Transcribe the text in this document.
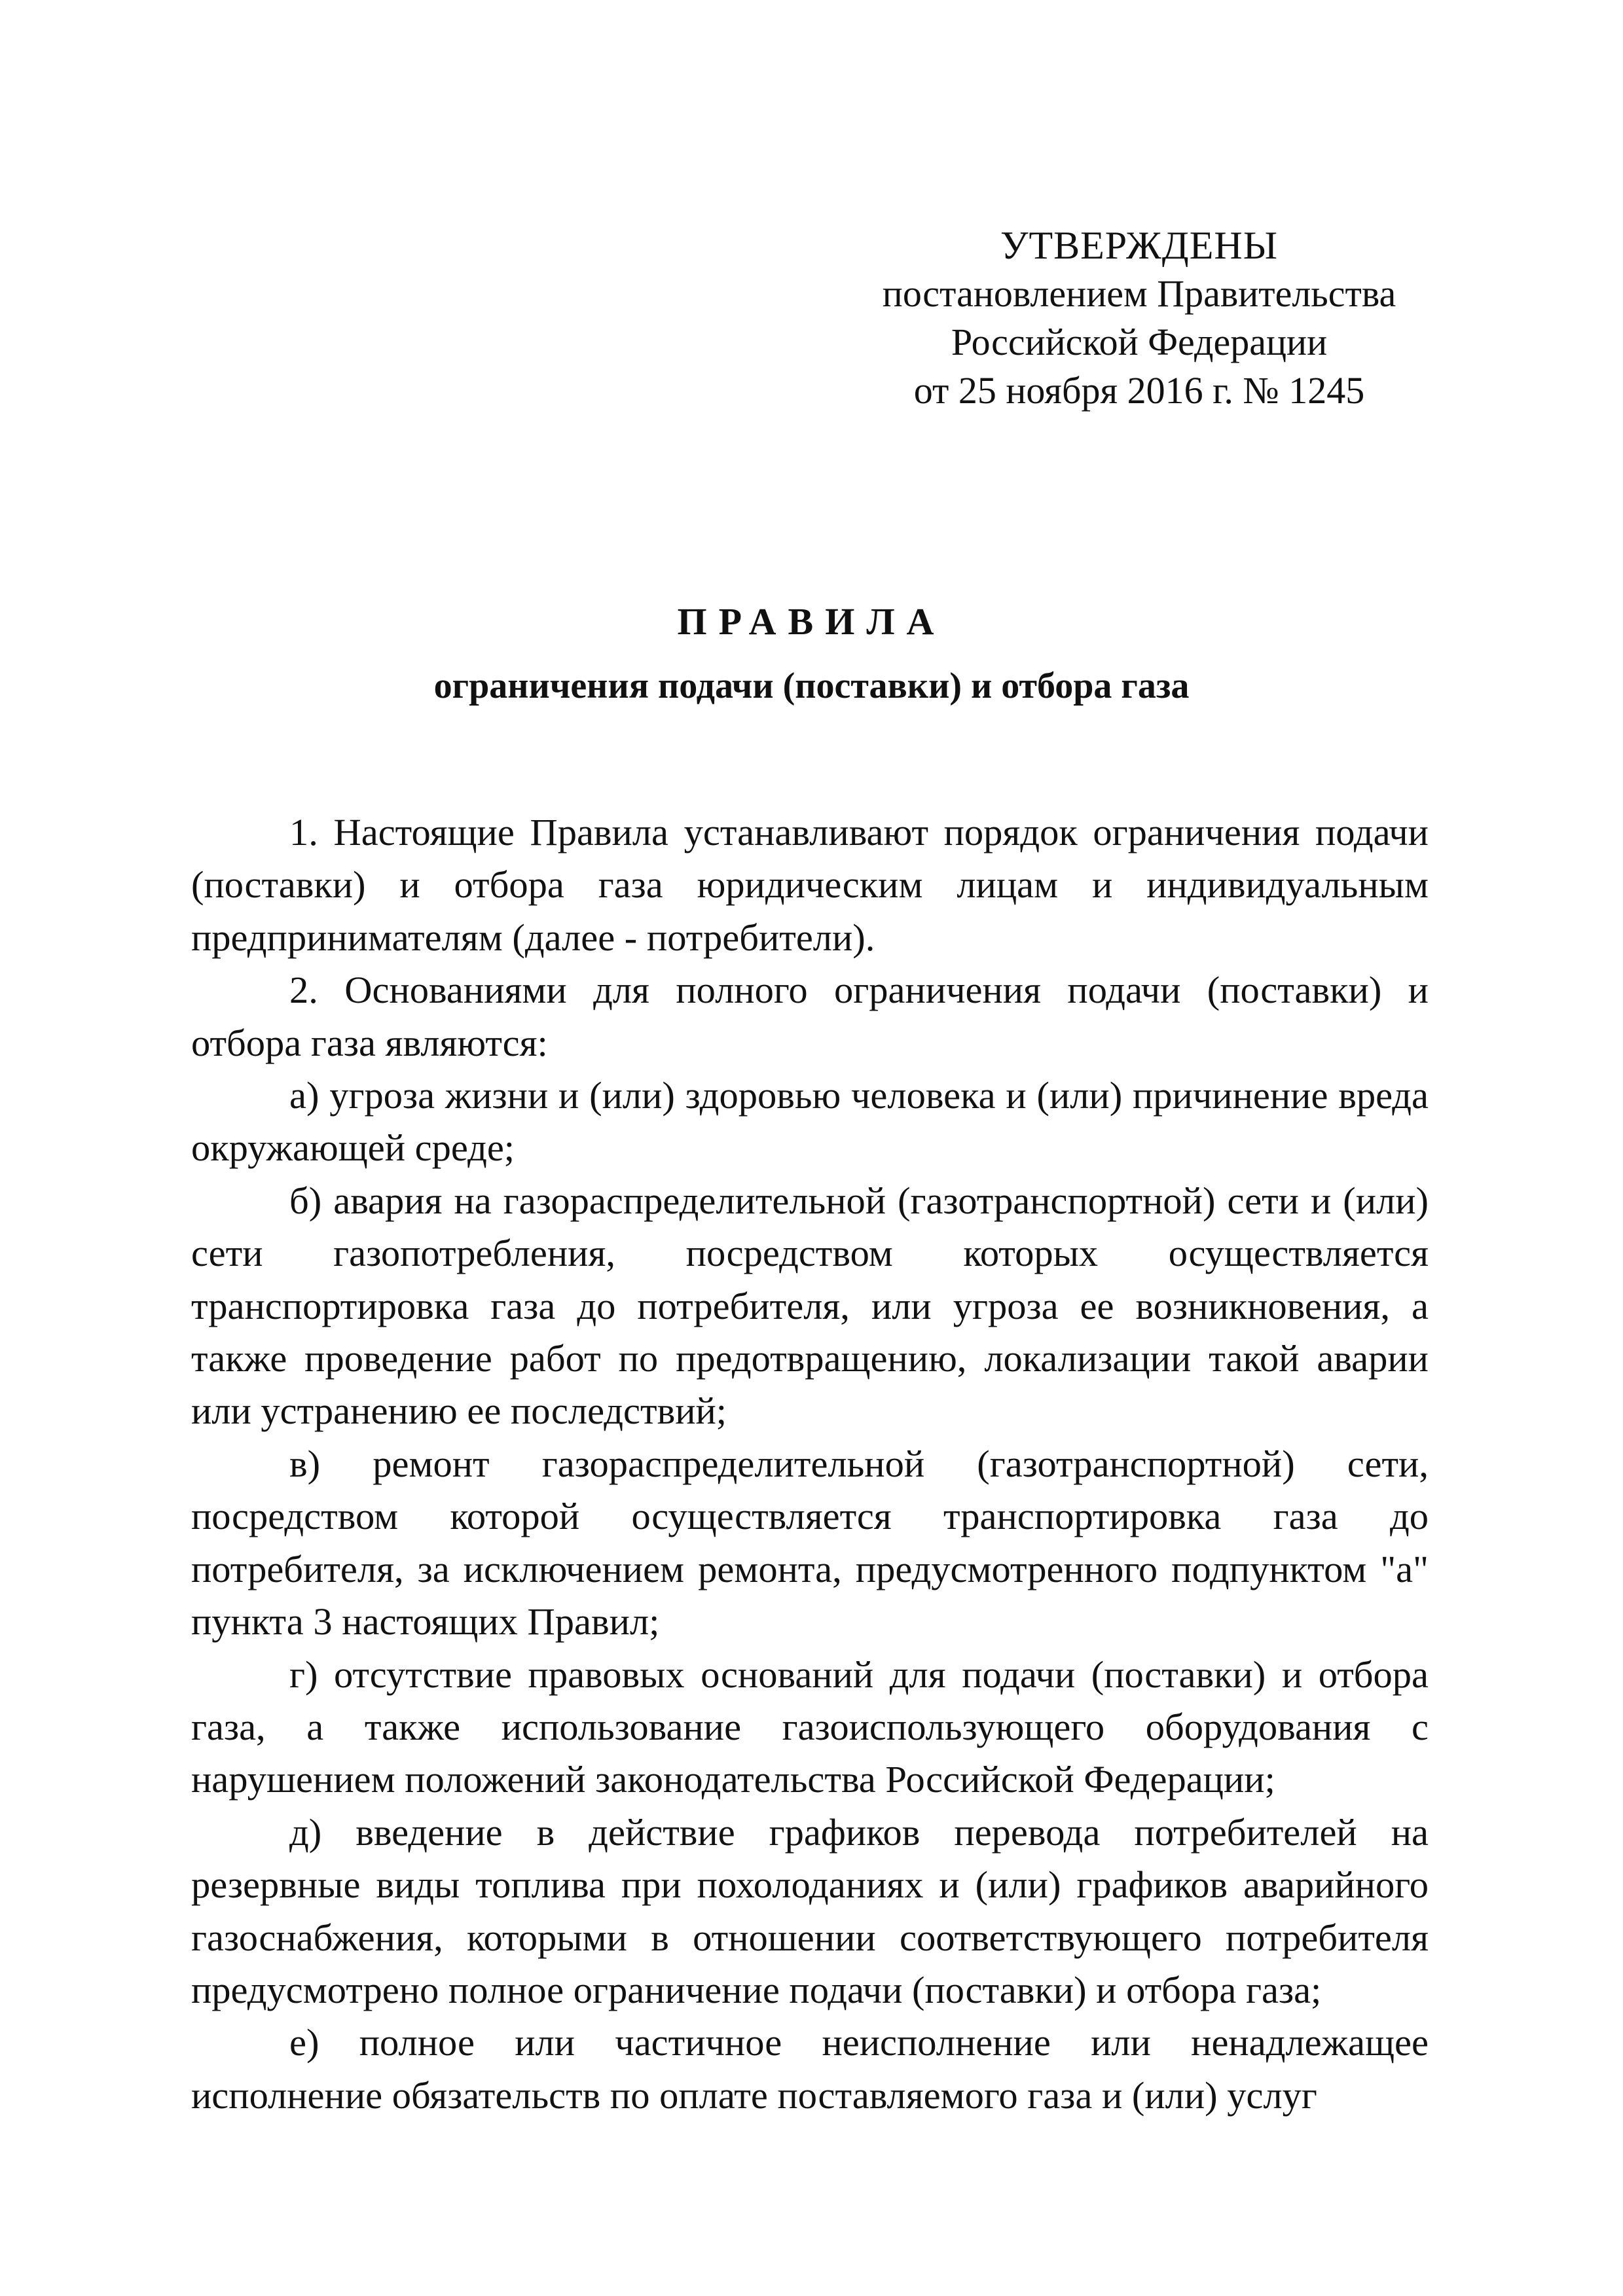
УТВЕРЖДЕНЫ
постановлением Правительства
Российской Федерации
от 25 ноября 2016 г. № 1245
ПРАВИЛА
ограничения подачи (поставки) и отбора газа

1. Настоящие Правила устанавливают порядок ограничения подачи (поставки) и отбора газа юридическим лицам и индивидуальным предпринимателям (далее - потребители).

2. Основаниями для полного ограничения подачи (поставки) и отбора газа являются:

а) угроза жизни и (или) здоровью человека и (или) причинение вреда окружающей среде;

б) авария на газораспределительной (газотранспортной) сети и (или) сети газопотребления, посредством которых осуществляется транспортировка газа до потребителя, или угроза ее возникновения, а также проведение работ по предотвращению, локализации такой аварии или устранению ее последствий;

в) ремонт газораспределительной (газотранспортной) сети, посредством которой осуществляется транспортировка газа до потребителя, за исключением ремонта, предусмотренного подпунктом "а" пункта 3 настоящих Правил;

г) отсутствие правовых оснований для подачи (поставки) и отбора газа, а также использование газоиспользующего оборудования с нарушением положений законодательства Российской Федерации;

д) введение в действие графиков перевода потребителей на резервные виды топлива при похолоданиях и (или) графиков аварийного газоснабжения, которыми в отношении соответствующего потребителя предусмотрено полное ограничение подачи (поставки) и отбора газа;

е) полное или частичное неисполнение или ненадлежащее исполнение обязательств по оплате поставляемого газа и (или) услуг
